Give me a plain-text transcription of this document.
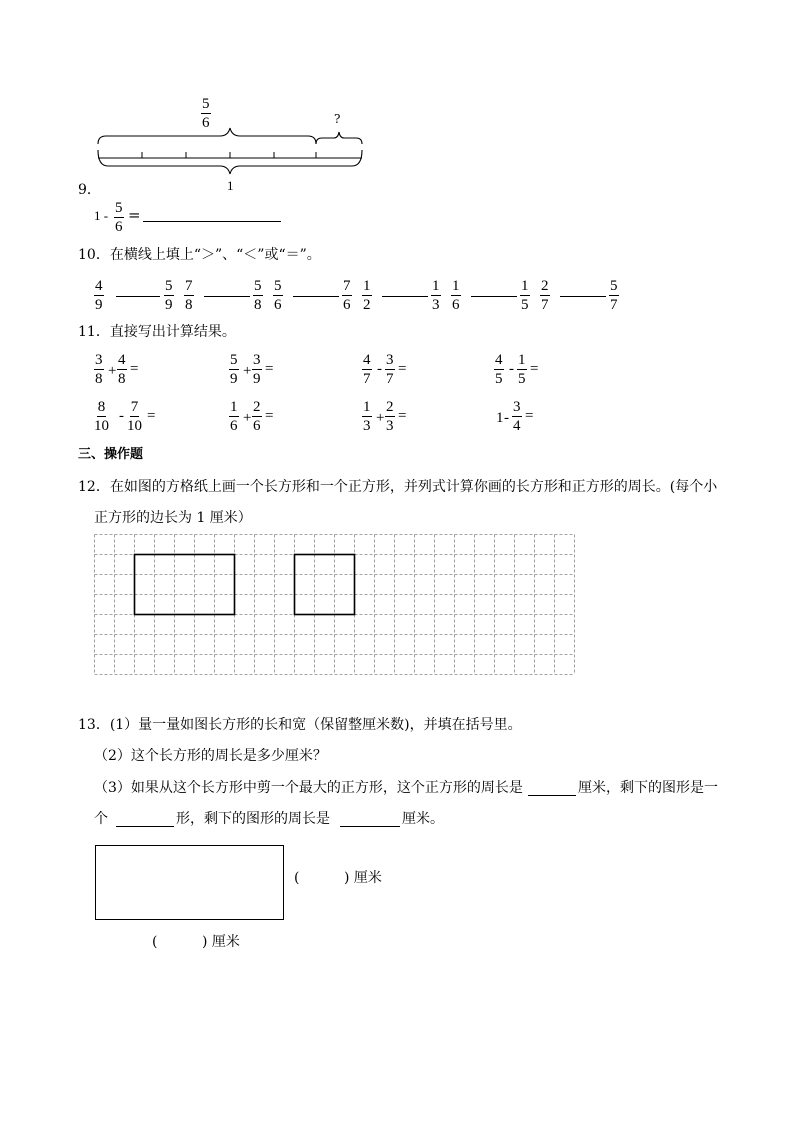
$\frac{5}{6}$	?
1
9．
$1 - \frac{5}{6}$ =
10．在横线上填上“＞”、“＜”或“＝”。
$\frac{4}{9}$	$\frac{5}{9} \frac{7}{8}$	$\frac{5}{8} \frac{5}{6}$	$\frac{7}{6} \frac{1}{2}$	$\frac{1}{3} \frac{1}{6}$	$\frac{1}{5} \frac{2}{7}$	$\frac{5}{7}$
11．直接写出计算结果。
$\frac{3}{8} + \frac{4}{8}$ =	$\frac{5}{9} + \frac{3}{9}$ =	$\frac{4}{7} - \frac{3}{7}$ =	$\frac{4}{5} - \frac{1}{5}$ =
$\frac{8}{10} - \frac{7}{10}$ =	$\frac{1}{6} + \frac{2}{6}$ =	$\frac{1}{3} + \frac{2}{3}$ =	$1 - \frac{3}{4}$ =
三、操作题
12．在如图的方格纸上画一个长方形和一个正方形，并列式计算你画的长方形和正方形的周长。(每个小
正方形的边长为 1 厘米）
13．(1）量一量如图长方形的长和宽（保留整厘米数)，并填在括号里。
（2）这个长方形的周长是多少厘米？
（3）如果从这个长方形中剪一个最大的正方形，这个正方形的周长是	厘米，剩下的图形是一
个	形，剩下的图形的周长是	厘米。
(          ) 厘米
(          ) 厘米
